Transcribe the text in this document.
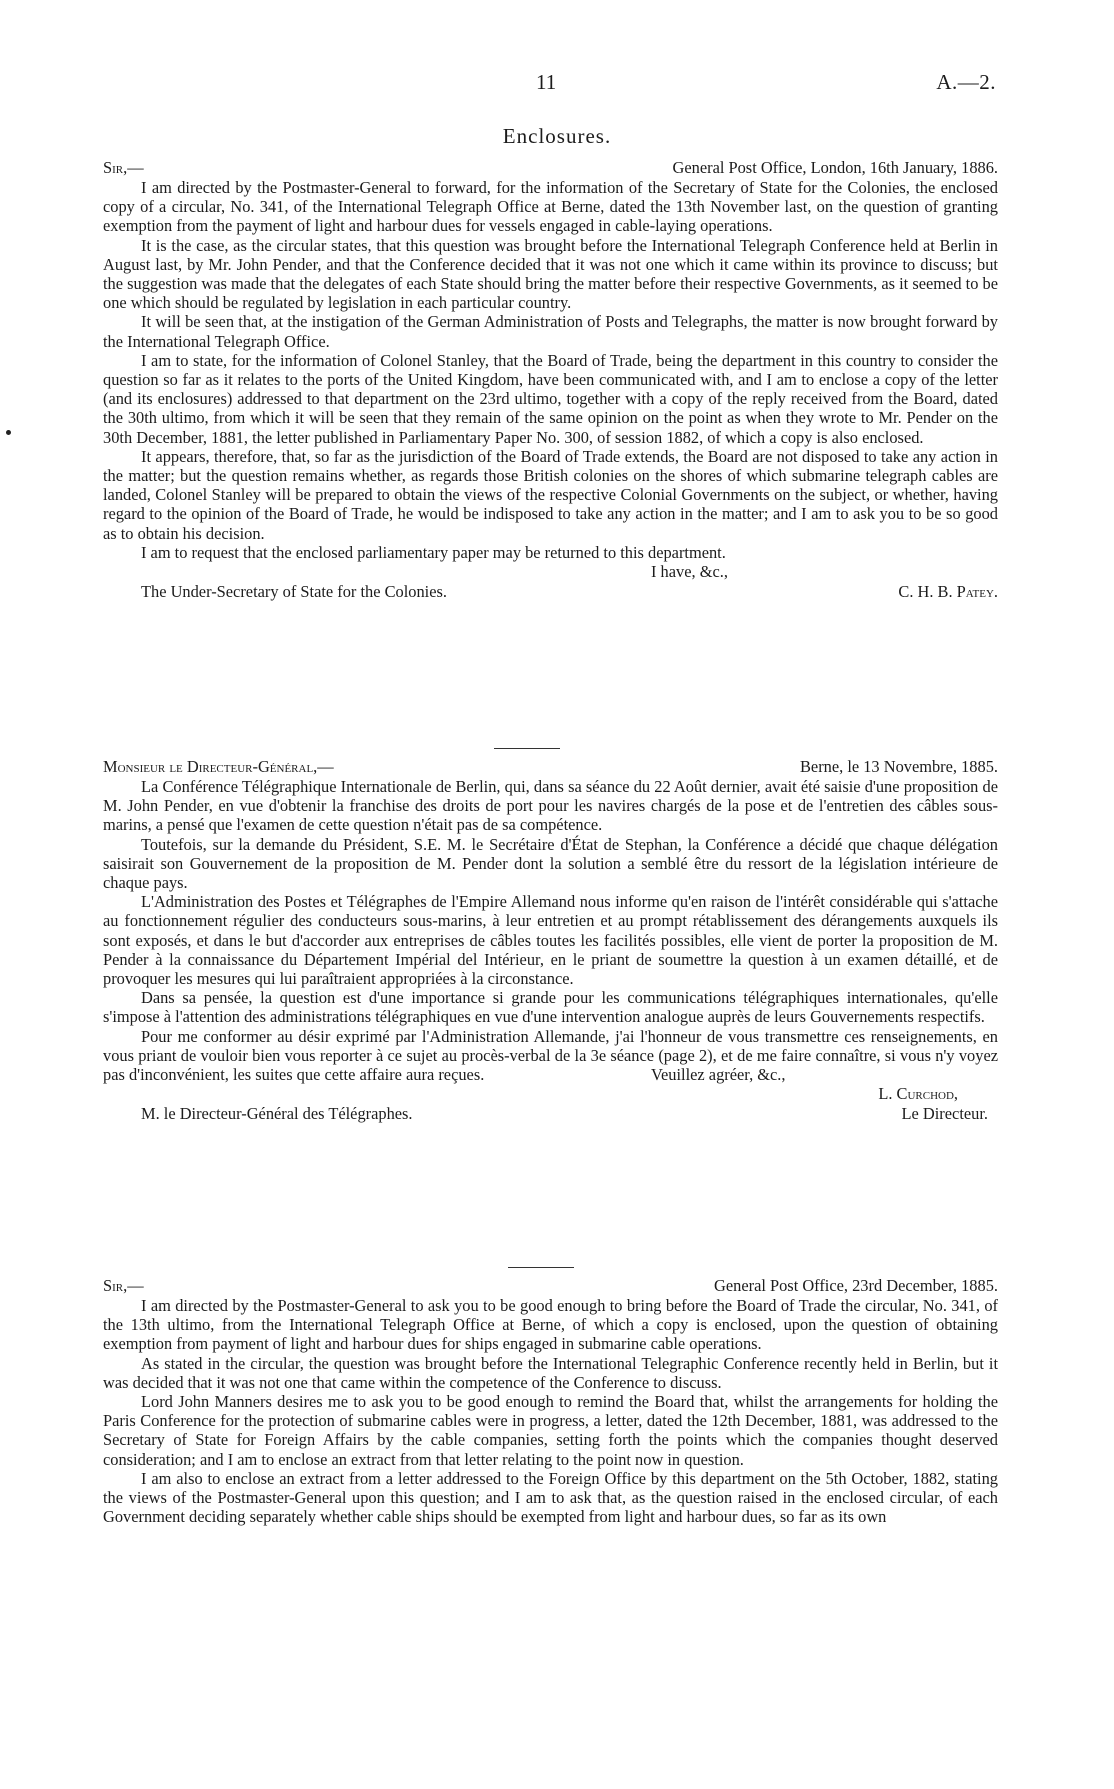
11	A.—2.
Enclosures.
Sir,—	General Post Office, London, 16th January, 1886.

I am directed by the Postmaster-General to forward, for the information of the Secretary of State for the Colonies, the enclosed copy of a circular, No. 341, of the International Telegraph Office at Berne, dated the 13th November last, on the question of granting exemption from the payment of light and harbour dues for vessels engaged in cable-laying operations.

It is the case, as the circular states, that this question was brought before the International Telegraph Conference held at Berlin in August last, by Mr. John Pender, and that the Conference decided that it was not one which it came within its province to discuss; but the suggestion was made that the delegates of each State should bring the matter before their respective Governments, as it seemed to be one which should be regulated by legislation in each particular country.

It will be seen that, at the instigation of the German Administration of Posts and Telegraphs, the matter is now brought forward by the International Telegraph Office.

I am to state, for the information of Colonel Stanley, that the Board of Trade, being the department in this country to consider the question so far as it relates to the ports of the United Kingdom, have been communicated with, and I am to enclose a copy of the letter (and its enclosures) addressed to that department on the 23rd ultimo, together with a copy of the reply received from the Board, dated the 30th ultimo, from which it will be seen that they remain of the same opinion on the point as when they wrote to Mr. Pender on the 30th December, 1881, the letter published in Parliamentary Paper No. 300, of session 1882, of which a copy is also enclosed.

It appears, therefore, that, so far as the jurisdiction of the Board of Trade extends, the Board are not disposed to take any action in the matter; but the question remains whether, as regards those British colonies on the shores of which submarine telegraph cables are landed, Colonel Stanley will be prepared to obtain the views of the respective Colonial Governments on the subject, or whether, having regard to the opinion of the Board of Trade, he would be indisposed to take any action in the matter; and I am to ask you to be so good as to obtain his decision.

I am to request that the enclosed parliamentary paper may be returned to this department.

I have, &c.,
The Under-Secretary of State for the Colonies.	C. H. B. Patey.
Monsieur le Directeur-Général,—	Berne, le 13 Novembre, 1885.

La Conférence Télégraphique Internationale de Berlin, qui, dans sa séance du 22 Août dernier, avait été saisie d'une proposition de M. John Pender, en vue d'obtenir la franchise des droits de port pour les navires chargés de la pose et de l'entretien des câbles sous-marins, a pensé que l'examen de cette question n'était pas de sa compétence.

Toutefois, sur la demande du Président, S.E. M. le Secrétaire d'État de Stephan, la Conférence a décidé que chaque délégation saisirait son Gouvernement de la proposition de M. Pender dont la solution a semblé être du ressort de la législation intérieure de chaque pays.

L'Administration des Postes et Télégraphes de l'Empire Allemand nous informe qu'en raison de l'intérêt considérable qui s'attache au fonctionnement régulier des conducteurs sous-marins, à leur entretien et au prompt rétablissement des dérangements auxquels ils sont exposés, et dans le but d'accorder aux entreprises de câbles toutes les facilités possibles, elle vient de porter la proposition de M. Pender à la connaissance du Département Impérial del Intérieur, en le priant de soumettre la question à un examen détaillé, et de provoquer les mesures qui lui paraîtraient appropriées à la circonstance.

Dans sa pensée, la question est d'une importance si grande pour les communications télégraphiques internationales, qu'elle s'impose à l'attention des administrations télégraphiques en vue d'une intervention analogue auprès de leurs Gouvernements respectifs.

Pour me conformer au désir exprimé par l'Administration Allemande, j'ai l'honneur de vous transmettre ces renseignements, en vous priant de vouloir bien vous reporter à ce sujet au procès-verbal de la 3e séance (page 2), et de me faire connaître, si vous n'y voyez pas d'inconvénient, les suites que cette affaire aura reçues.	Veuillez agréer, &c.,
L. Curchod,
M. le Directeur-Général des Télégraphes.	Le Directeur.
Sir,—	General Post Office, 23rd December, 1885.

I am directed by the Postmaster-General to ask you to be good enough to bring before the Board of Trade the circular, No. 341, of the 13th ultimo, from the International Telegraph Office at Berne, of which a copy is enclosed, upon the question of obtaining exemption from payment of light and harbour dues for ships engaged in submarine cable operations.

As stated in the circular, the question was brought before the International Telegraphic Conference recently held in Berlin, but it was decided that it was not one that came within the competence of the Conference to discuss.

Lord John Manners desires me to ask you to be good enough to remind the Board that, whilst the arrangements for holding the Paris Conference for the protection of submarine cables were in progress, a letter, dated the 12th December, 1881, was addressed to the Secretary of State for Foreign Affairs by the cable companies, setting forth the points which the companies thought deserved consideration; and I am to enclose an extract from that letter relating to the point now in question.

I am also to enclose an extract from a letter addressed to the Foreign Office by this department on the 5th October, 1882, stating the views of the Postmaster-General upon this question; and I am to ask that, as the question raised in the enclosed circular, of each Government deciding separately whether cable ships should be exempted from light and harbour dues, so far as its own
